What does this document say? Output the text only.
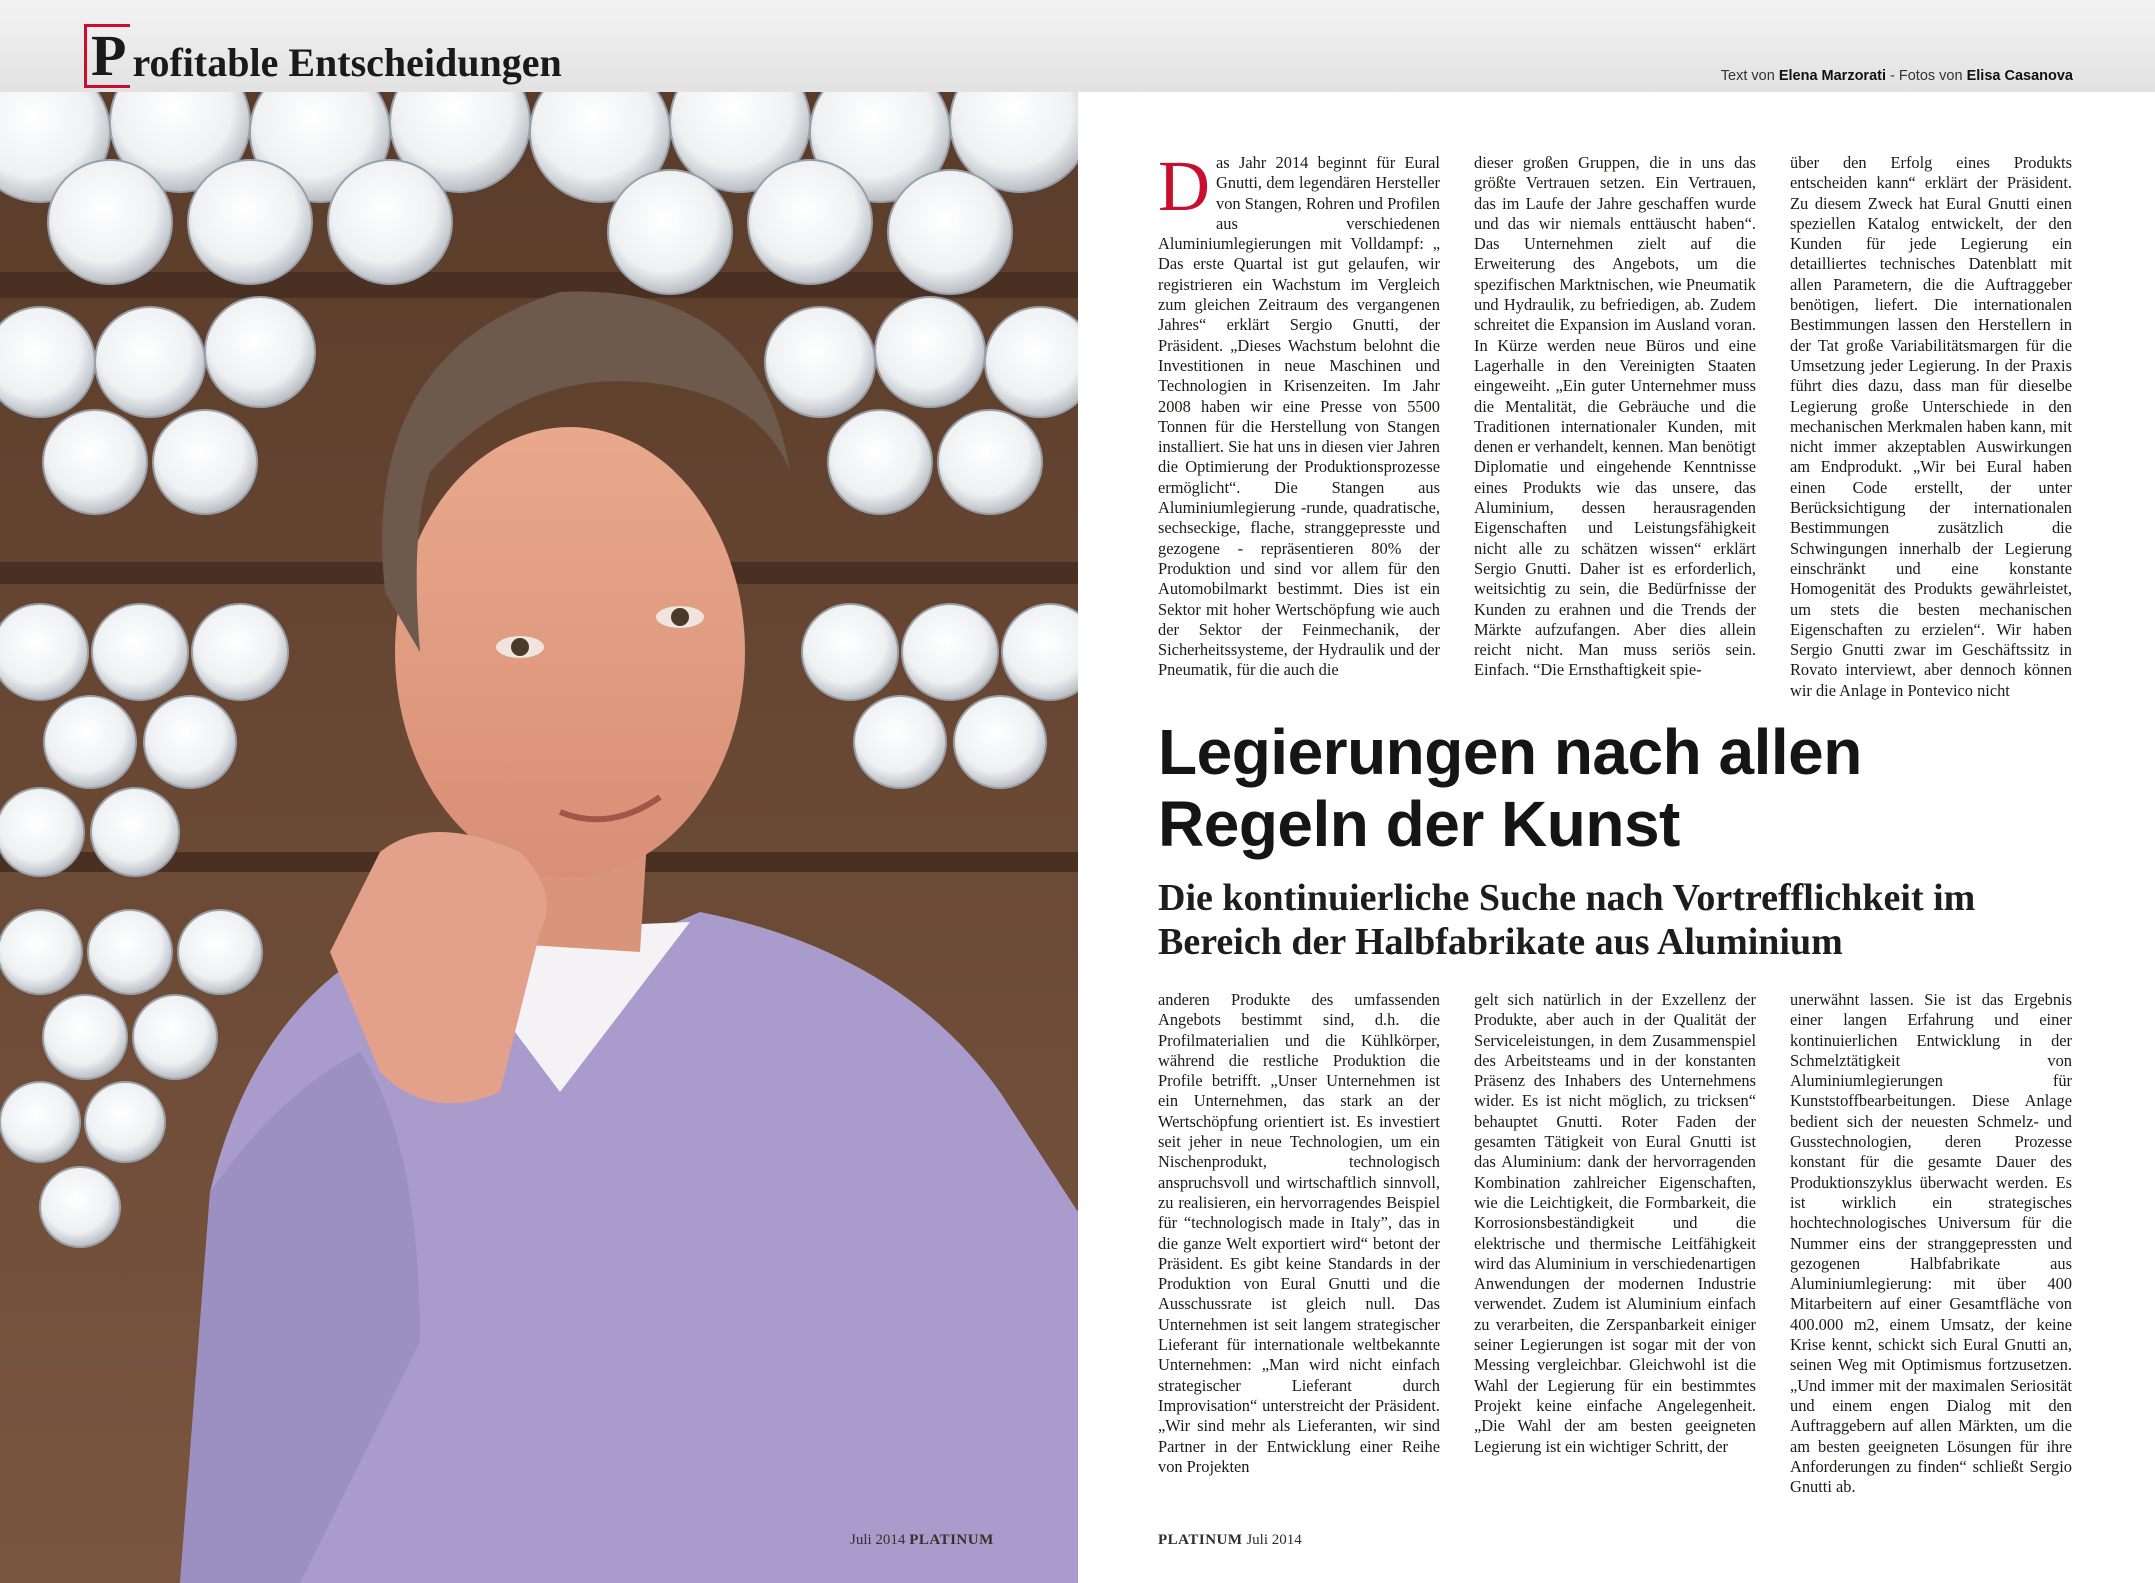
P rofitable Entscheidungen	Text von Elena Marzorati - Fotos von Elisa Casanova
Juli 2014 PLATINUM
Das Jahr 2014 beginnt für Eural Gnutti, dem legendären Hersteller von Stangen, Rohren und Profilen aus verschiedenen Aluminiumlegierungen mit Volldampf: „ Das erste Quartal ist gut gelaufen, wir registrieren ein Wachstum im Vergleich zum gleichen Zeitraum des vergangenen Jahres“ erklärt Sergio Gnutti, der Präsident. „Dieses Wachstum belohnt die Investitionen in neue Maschinen und Technologien in Krisenzeiten. Im Jahr 2008 haben wir eine Presse von 5500 Tonnen für die Herstellung von Stangen installiert. Sie hat uns in diesen vier Jahren die Optimierung der Produktionsprozesse ermöglicht“. Die Stangen aus Aluminiumlegierung -runde, quadratische, sechseckige, flache, stranggepresste und gezogene - repräsentieren 80% der Produktion und sind vor allem für den Automobilmarkt bestimmt. Dies ist ein Sektor mit hoher Wertschöpfung wie auch der Sektor der Feinmechanik, der Sicherheitssysteme, der Hydraulik und der Pneumatik, für die auch die
dieser großen Gruppen, die in uns das größte Vertrauen setzen. Ein Vertrauen, das im Laufe der Jahre geschaffen wurde und das wir niemals enttäuscht haben“. Das Unternehmen zielt auf die Erweiterung des Angebots, um die spezifischen Marktnischen, wie Pneumatik und Hydraulik, zu befriedigen, ab. Zudem schreitet die Expansion im Ausland voran. In Kürze werden neue Büros und eine Lagerhalle in den Vereinigten Staaten eingeweiht. „Ein guter Unternehmer muss die Mentalität, die Gebräuche und die Traditionen internationaler Kunden, mit denen er verhandelt, kennen. Man benötigt Diplomatie und eingehende Kenntnisse eines Produkts wie das unsere, das Aluminium, dessen herausragenden Eigenschaften und Leistungsfähigkeit nicht alle zu schätzen wissen“ erklärt Sergio Gnutti. Daher ist es erforderlich, weitsichtig zu sein, die Bedürfnisse der Kunden zu erahnen und die Trends der Märkte aufzufangen. Aber dies allein reicht nicht. Man muss seriös sein. Einfach. “Die Ernsthaftigkeit spie-
über den Erfolg eines Produkts entscheiden kann“ erklärt der Präsident. Zu diesem Zweck hat Eural Gnutti einen speziellen Katalog entwickelt, der den Kunden für jede Legierung ein detailliertes technisches Datenblatt mit allen Parametern, die die Auftraggeber benötigen, liefert. Die internationalen Bestimmungen lassen den Herstellern in der Tat große Variabilitätsmargen für die Umsetzung jeder Legierung. In der Praxis führt dies dazu, dass man für dieselbe Legierung große Unterschiede in den mechanischen Merkmalen haben kann, mit nicht immer akzeptablen Auswirkungen am Endprodukt. „Wir bei Eural haben einen Code erstellt, der unter Berücksichtigung der internationalen Bestimmungen zusätzlich die Schwingungen innerhalb der Legierung einschränkt und eine konstante Homogenität des Produkts gewährleistet, um stets die besten mechanischen Eigenschaften zu erzielen“. Wir haben Sergio Gnutti zwar im Geschäftssitz in Rovato interviewt, aber dennoch können wir die Anlage in Pontevico nicht
Legierungen nach allen
Regeln der Kunst
Die kontinuierliche Suche nach Vortrefflichkeit im
Bereich der Halbfabrikate aus Aluminium
anderen Produkte des umfassenden Angebots bestimmt sind, d.h. die Profilmaterialien und die Kühlkörper, während die restliche Produktion die Profile betrifft. „Unser Unternehmen ist ein Unternehmen, das stark an der Wertschöpfung orientiert ist. Es investiert seit jeher in neue Technologien, um ein Nischenprodukt, technologisch anspruchsvoll und wirtschaftlich sinnvoll, zu realisieren, ein hervorragendes Beispiel für “technologisch made in Italy”, das in die ganze Welt exportiert wird“ betont der Präsident. Es gibt keine Standards in der Produktion von Eural Gnutti und die Ausschussrate ist gleich null. Das Unternehmen ist seit langem strategischer Lieferant für internationale weltbekannte Unternehmen: „Man wird nicht einfach strategischer Lieferant durch Improvisation“ unterstreicht der Präsident. „Wir sind mehr als Lieferanten, wir sind Partner in der Entwicklung einer Reihe von Projekten
gelt sich natürlich in der Exzellenz der Produkte, aber auch in der Qualität der Serviceleistungen, in dem Zusammenspiel des Arbeitsteams und in der konstanten Präsenz des Inhabers des Unternehmens wider. Es ist nicht möglich, zu tricksen“ behauptet Gnutti. Roter Faden der gesamten Tätigkeit von Eural Gnutti ist das Aluminium: dank der hervorragenden Kombination zahlreicher Eigenschaften, wie die Leichtigkeit, die Formbarkeit, die Korrosionsbeständigkeit und die elektrische und thermische Leitfähigkeit wird das Aluminium in verschiedenartigen Anwendungen der modernen Industrie verwendet. Zudem ist Aluminium einfach zu verarbeiten, die Zerspanbarkeit einiger seiner Legierungen ist sogar mit der von Messing vergleichbar. Gleichwohl ist die Wahl der Legierung für ein bestimmtes Projekt keine einfache Angelegenheit. „Die Wahl der am besten geeigneten Legierung ist ein wichtiger Schritt, der
unerwähnt lassen. Sie ist das Ergebnis einer langen Erfahrung und einer kontinuierlichen Entwicklung in der Schmelztätigkeit von Aluminiumlegierungen für Kunststoffbearbeitungen. Diese Anlage bedient sich der neuesten Schmelz- und Gusstechnologien, deren Prozesse konstant für die gesamte Dauer des Produktionszyklus überwacht werden. Es ist wirklich ein strategisches hochtechnologisches Universum für die Nummer eins der stranggepressten und gezogenen Halbfabrikate aus Aluminiumlegierung: mit über 400 Mitarbeitern auf einer Gesamtfläche von 400.000 m2, einem Umsatz, der keine Krise kennt, schickt sich Eural Gnutti an, seinen Weg mit Optimismus fortzusetzen. „Und immer mit der maximalen Seriosität und einem engen Dialog mit den Auftraggebern auf allen Märkten, um die am besten geeigneten Lösungen für ihre Anforderungen zu finden“ schließt Sergio Gnutti ab.
PLATINUM Juli 2014
